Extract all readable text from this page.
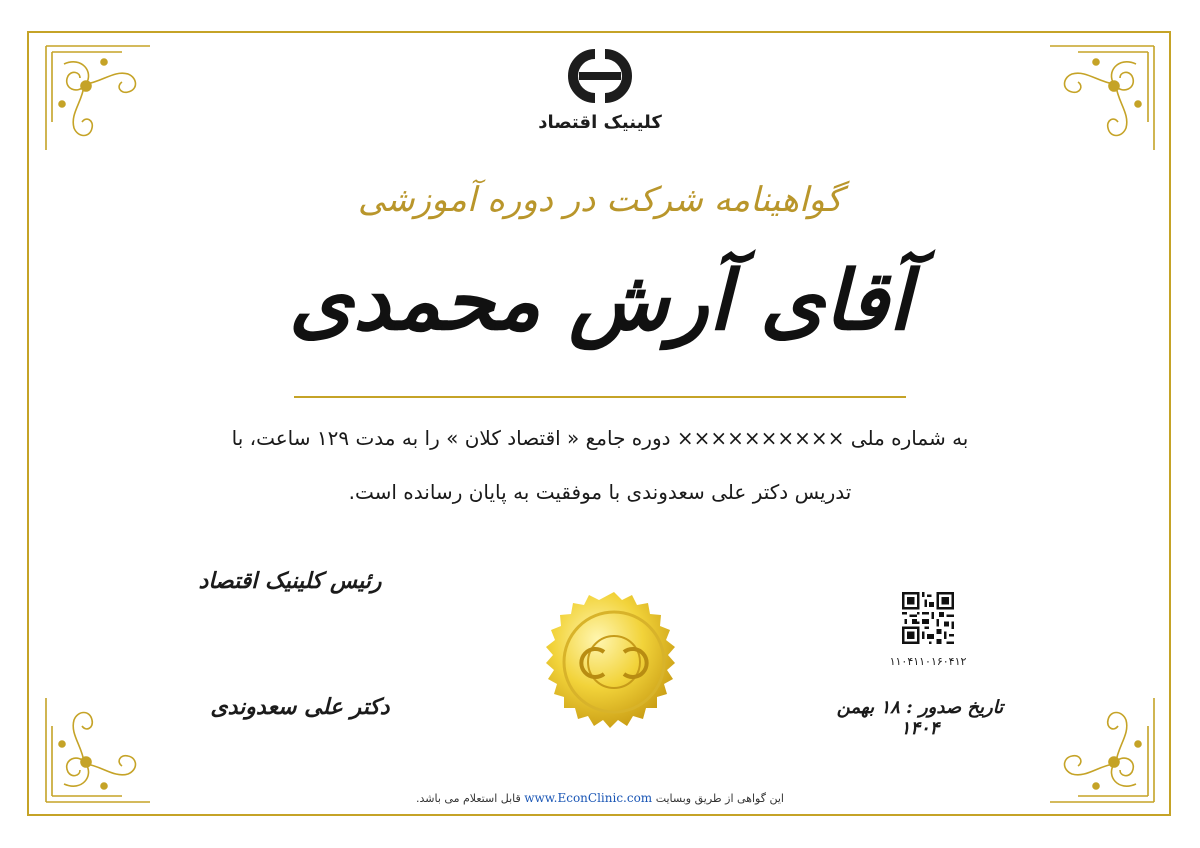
کلینیک اقتصاد
گواهینامه شرکت در دوره آموزشی
آقای آرش محمدی
به شماره ملی ×××××××××× دوره جامع « اقتصاد کلان » را به مدت ۱۲۹ ساعت، با
تدریس دکتر علی سعدوندی با موفقیت به پایان رسانده است.
رئیس کلینیک اقتصاد
دکتر علی سعدوندی
۱۱۰۴۱۱۰۱۶۰۴۱۲
تاریخ صدور : ۱۸ بهمن ۱۴۰۴
این گواهی از طریق وبسایت www.EconClinic.com قابل استعلام می باشد.
